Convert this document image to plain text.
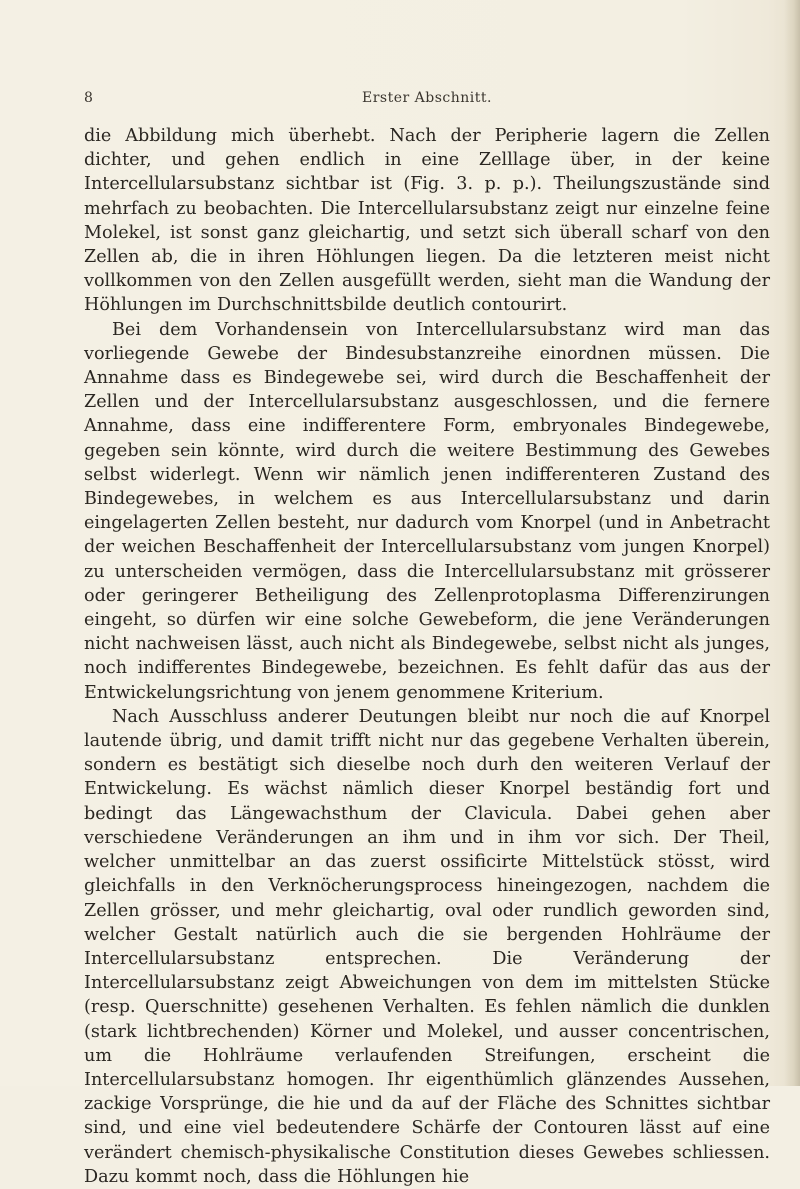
8	Erster Abschnitt.

die Abbildung mich überhebt. Nach der Peripherie lagern die Zellen dichter, und gehen endlich in eine Zelllage über, in der keine Intercellularsubstanz sichtbar ist (Fig. 3. p. p.). Theilungszustände sind mehrfach zu beobachten. Die Intercellularsubstanz zeigt nur einzelne feine Molekel, ist sonst ganz gleichartig, und setzt sich überall scharf von den Zellen ab, die in ihren Höhlungen liegen. Da die letzteren meist nicht vollkommen von den Zellen ausgefüllt werden, sieht man die Wandung der Höhlungen im Durchschnittsbilde deutlich contourirt.

Bei dem Vorhandensein von Intercellularsubstanz wird man das vorliegende Gewebe der Bindesubstanzreihe einordnen müssen. Die Annahme dass es Bindegewebe sei, wird durch die Beschaffenheit der Zellen und der Intercellularsubstanz ausgeschlossen, und die fernere Annahme, dass eine indifferentere Form, embryonales Bindegewebe, gegeben sein könnte, wird durch die weitere Bestimmung des Gewebes selbst widerlegt. Wenn wir nämlich jenen indifferenteren Zustand des Bindegewebes, in welchem es aus Intercellularsubstanz und darin eingelagerten Zellen besteht, nur dadurch vom Knorpel (und in Anbetracht der weichen Beschaffenheit der Intercellularsubstanz vom jungen Knorpel) zu unterscheiden vermögen, dass die Intercellularsubstanz mit grösserer oder geringerer Betheiligung des Zellenprotoplasma Differenzirungen eingeht, so dürfen wir eine solche Gewebeform, die jene Veränderungen nicht nachweisen lässt, auch nicht als Bindegewebe, selbst nicht als junges, noch indifferentes Bindegewebe, bezeichnen. Es fehlt dafür das aus der Entwickelungsrichtung von jenem genommene Kriterium.

Nach Ausschluss anderer Deutungen bleibt nur noch die auf Knorpel lautende übrig, und damit trifft nicht nur das gegebene Verhalten überein, sondern es bestätigt sich dieselbe noch durh den weiteren Verlauf der Entwickelung. Es wächst nämlich dieser Knorpel beständig fort und bedingt das Längewachsthum der Clavicula. Dabei gehen aber verschiedene Veränderungen an ihm und in ihm vor sich. Der Theil, welcher unmittelbar an das zuerst ossificirte Mittelstück stösst, wird gleichfalls in den Verknöcherungsprocess hineingezogen, nachdem die Zellen grösser, und mehr gleichartig, oval oder rundlich geworden sind, welcher Gestalt natürlich auch die sie bergenden Hohlräume der Intercellularsubstanz entsprechen. Die Veränderung der Intercellularsubstanz zeigt Abweichungen von dem im mittelsten Stücke (resp. Querschnitte) gesehenen Verhalten. Es fehlen nämlich die dunklen (stark lichtbrechenden) Körner und Molekel, und ausser concentrischen, um die Hohlräume verlaufenden Streifungen, erscheint die Intercellularsubstanz homogen. Ihr eigenthümlich glänzendes Aussehen, zackige Vorsprünge, die hie und da auf der Fläche des Schnittes sichtbar sind, und eine viel bedeutendere Schärfe der Contouren lässt auf eine verändert chemisch-physikalische Constitution dieses Gewebes schliessen. Dazu kommt noch, dass die Höhlungen hie
